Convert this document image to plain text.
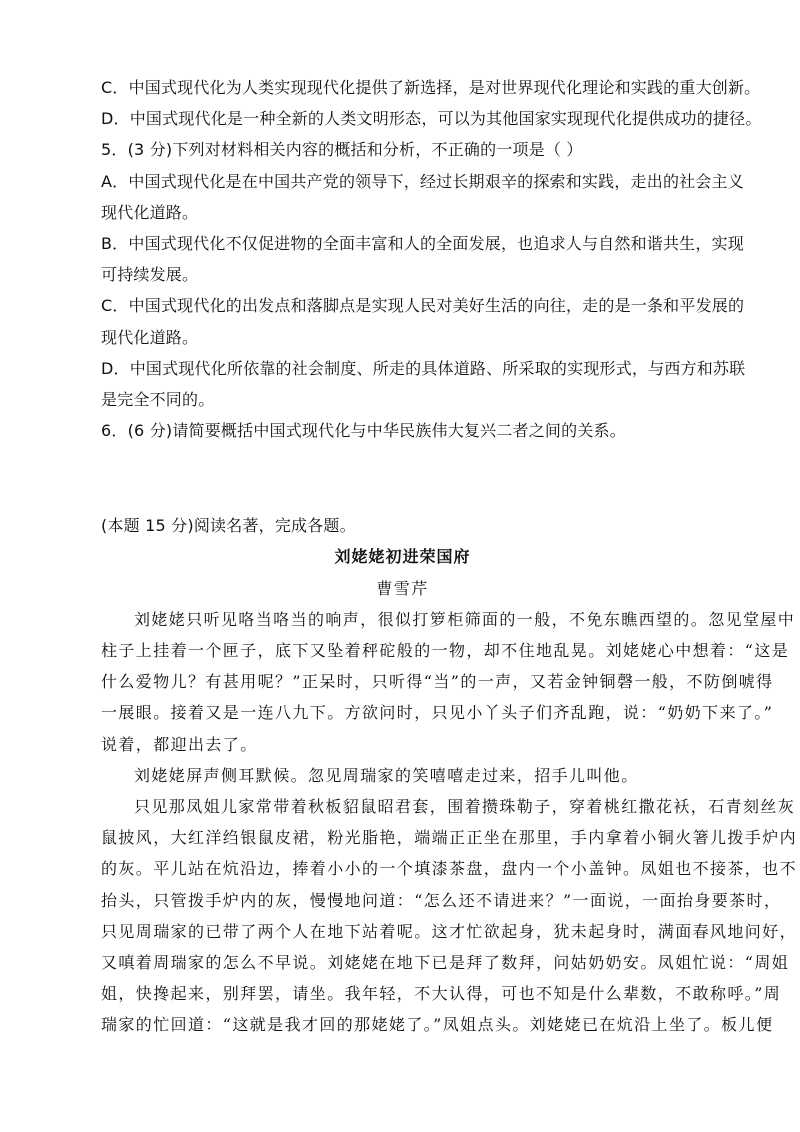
C．中国式现代化为人类实现现代化提供了新选择，是对世界现代化理论和实践的重大创新。
D．中国式现代化是一种全新的人类文明形态，可以为其他国家实现现代化提供成功的捷径。
5．(3 分)下列对材料相关内容的概括和分析，不正确的一项是（ ）
A．中国式现代化是在中国共产党的领导下，经过长期艰辛的探索和实践，走出的社会主义
现代化道路。
B．中国式现代化不仅促进物的全面丰富和人的全面发展，也追求人与自然和谐共生，实现
可持续发展。
C．中国式现代化的出发点和落脚点是实现人民对美好生活的向往，走的是一条和平发展的
现代化道路。
D．中国式现代化所依靠的社会制度、所走的具体道路、所采取的实现形式，与西方和苏联
是完全不同的。
6．(6 分)请简要概括中国式现代化与中华民族伟大复兴二者之间的关系。
(本题 15 分)阅读名著，完成各题。
刘姥姥初进荣国府
曹雪芹
刘姥姥只听见咯当咯当的响声，很似打箩柜筛面的一般，不免东瞧西望的。忽见堂屋中
柱子上挂着一个匣子，底下又坠着秤砣般的一物，却不住地乱晃。刘姥姥心中想着：“这是
什么爱物儿？有甚用呢？”正呆时，只听得“当”的一声，又若金钟铜磬一般，不防倒唬得
一展眼。接着又是一连八九下。方欲问时，只见小丫头子们齐乱跑，说：“奶奶下来了。”
说着，都迎出去了。
刘姥姥屏声侧耳默候。忽见周瑞家的笑嘻嘻走过来，招手儿叫他。
只见那凤姐儿家常带着秋板貂鼠昭君套，围着攒珠勒子，穿着桃红撒花袄，石青刻丝灰
鼠披风，大红洋绉银鼠皮裙，粉光脂艳，端端正正坐在那里，手内拿着小铜火箸儿拨手炉内
的灰。平儿站在炕沿边，捧着小小的一个填漆茶盘，盘内一个小盖钟。凤姐也不接茶，也不
抬头，只管拨手炉内的灰，慢慢地问道：“怎么还不请进来？”一面说，一面抬身要茶时，
只见周瑞家的已带了两个人在地下站着呢。这才忙欲起身，犹未起身时，满面春风地问好，
又嗔着周瑞家的怎么不早说。刘姥姥在地下已是拜了数拜，问姑奶奶安。凤姐忙说：“周姐
姐，快搀起来，别拜罢，请坐。我年轻，不大认得，可也不知是什么辈数，不敢称呼。”周
瑞家的忙回道：“这就是我才回的那姥姥了。”凤姐点头。刘姥姥已在炕沿上坐了。板儿便
